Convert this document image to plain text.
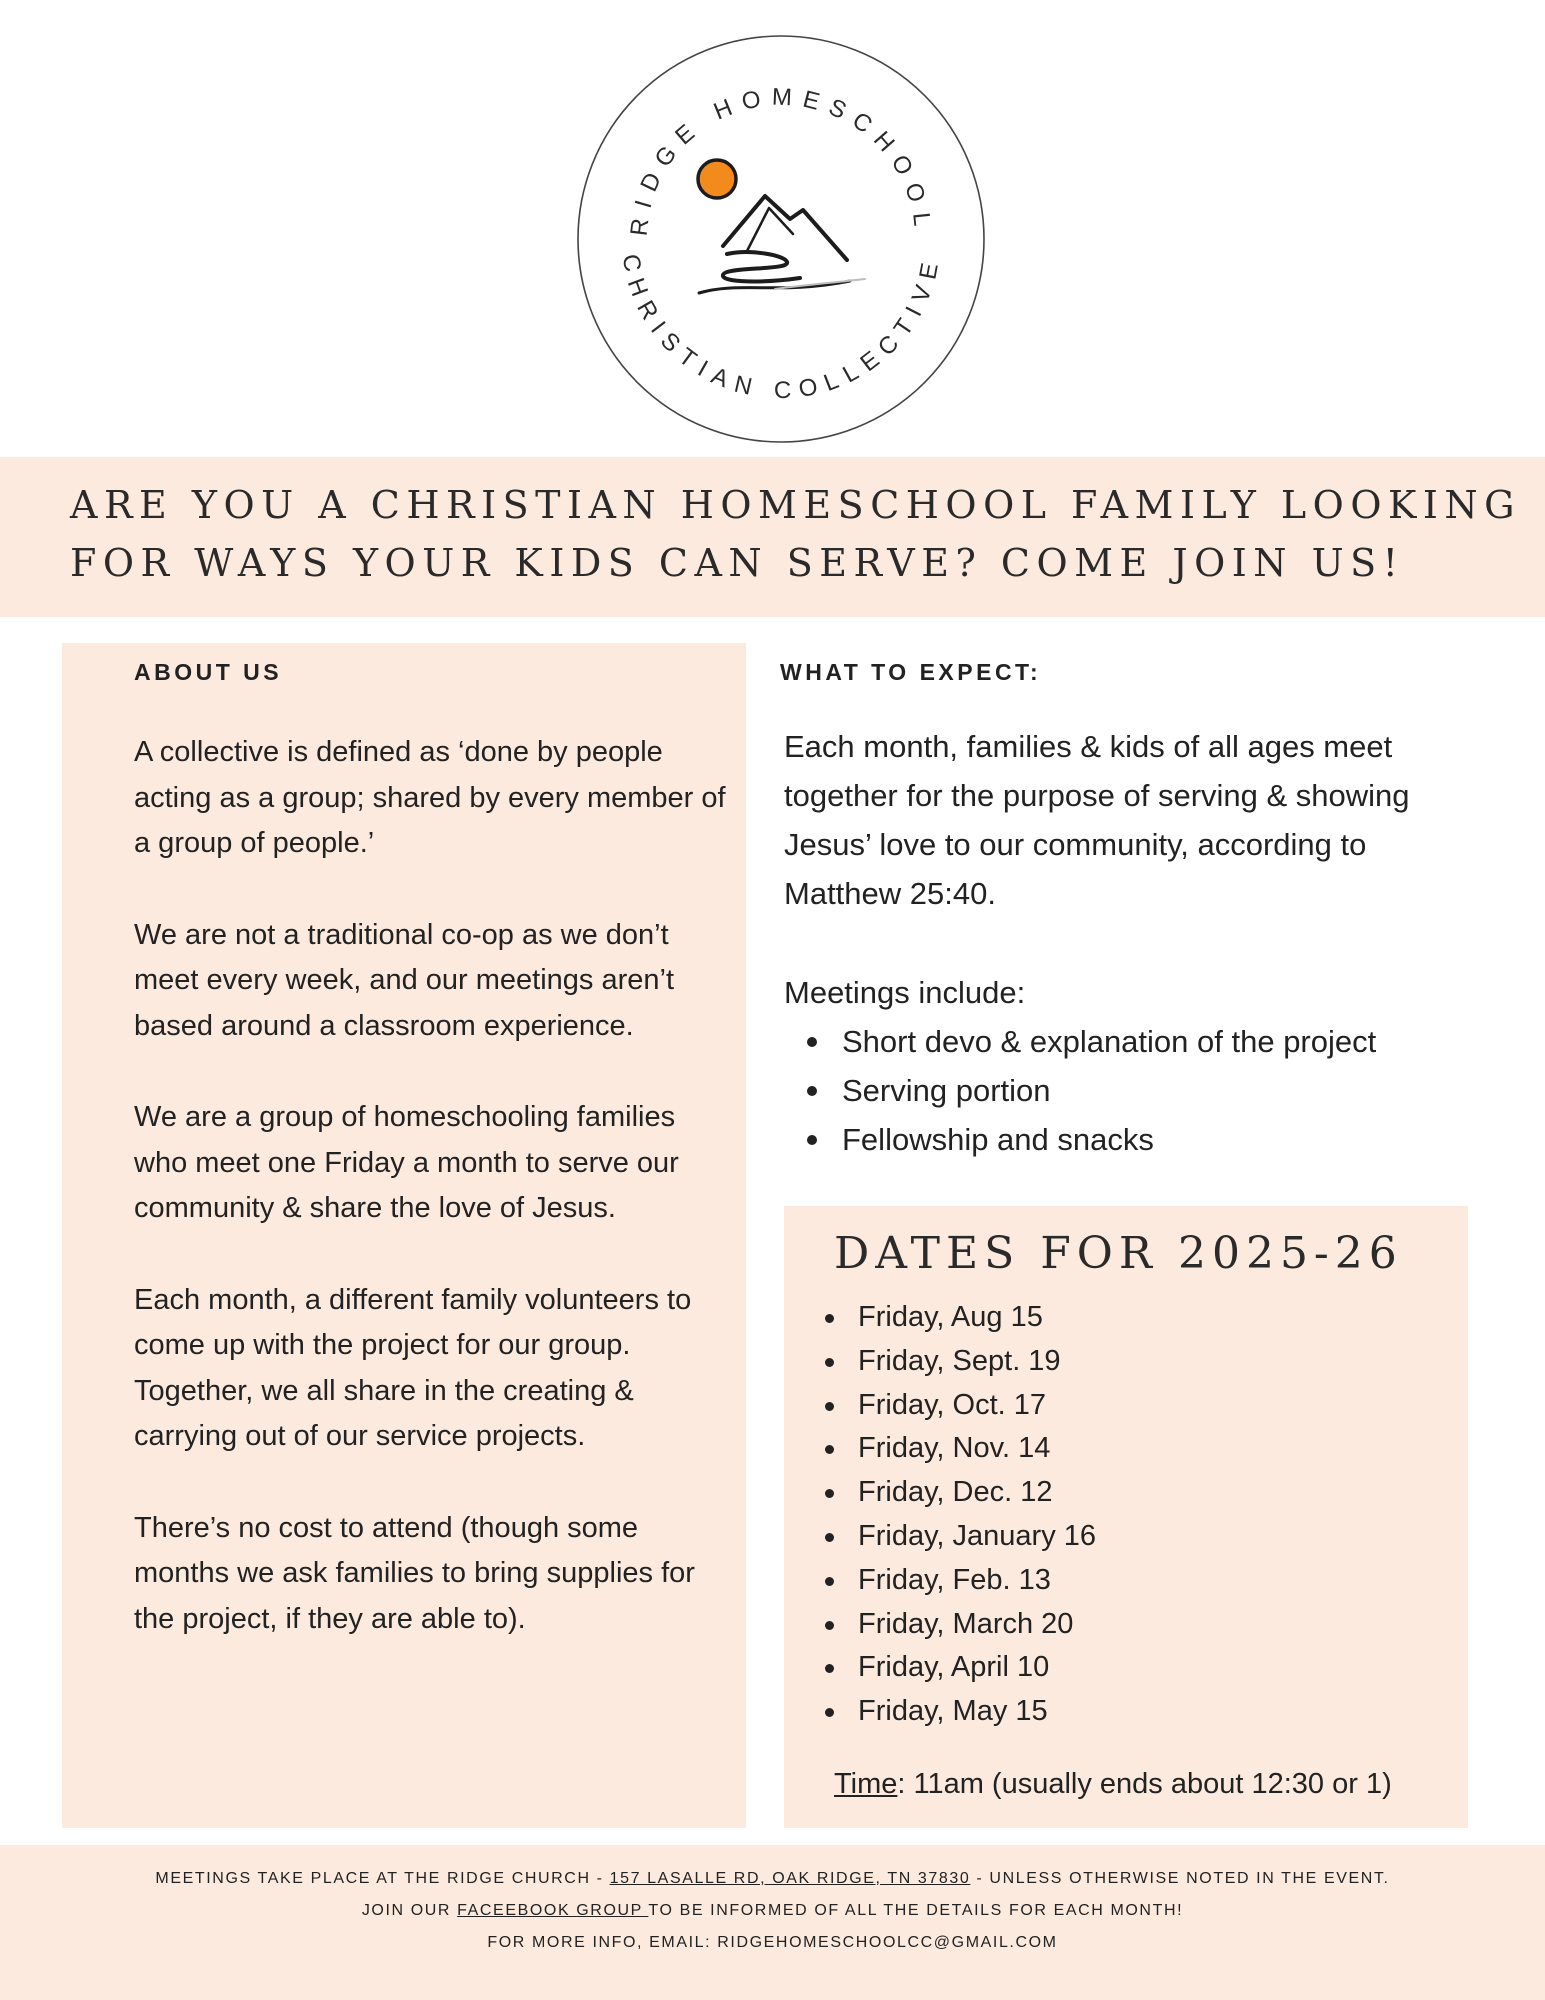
RIDGE HOMESCHOOL
CHRISTIAN COLLECTIVE
ARE YOU A CHRISTIAN HOMESCHOOL FAMILY LOOKING
FOR WAYS YOUR KIDS CAN SERVE? COME JOIN US!
ABOUT US

A collective is defined as ‘done by people acting as a group; shared by every member of a group of people.’

We are not a traditional co-op as we don’t meet every week, and our meetings aren’t based around a classroom experience.

We are a group of homeschooling families who meet one Friday a month to serve our community & share the love of Jesus.

Each month, a different family volunteers to come up with the project for our group. Together, we all share in the creating & carrying out of our service projects.

There’s no cost to attend (though some months we ask families to bring supplies for the project, if they are able to).

WHAT TO EXPECT:

Each month, families & kids of all ages meet together for the purpose of serving & showing Jesus’ love to our community, according to Matthew 25:40.

Meetings include:
Short devo & explanation of the project
Serving portion
Fellowship and snacks
DATES FOR 2025-26
Friday, Aug 15
Friday, Sept. 19
Friday, Oct. 17
Friday, Nov. 14
Friday, Dec. 12
Friday, January 16
Friday, Feb. 13
Friday, March 20
Friday, April 10
Friday, May 15
Time: 11am (usually ends about 12:30 or 1)
MEETINGS TAKE PLACE AT THE RIDGE CHURCH - 157 LASALLE RD, OAK RIDGE, TN 37830 - UNLESS OTHERWISE NOTED IN THE EVENT.
JOIN OUR FACEEBOOK GROUP TO BE INFORMED OF ALL THE DETAILS FOR EACH MONTH!
FOR MORE INFO, EMAIL: RIDGEHOMESCHOOLCC@GMAIL.COM
